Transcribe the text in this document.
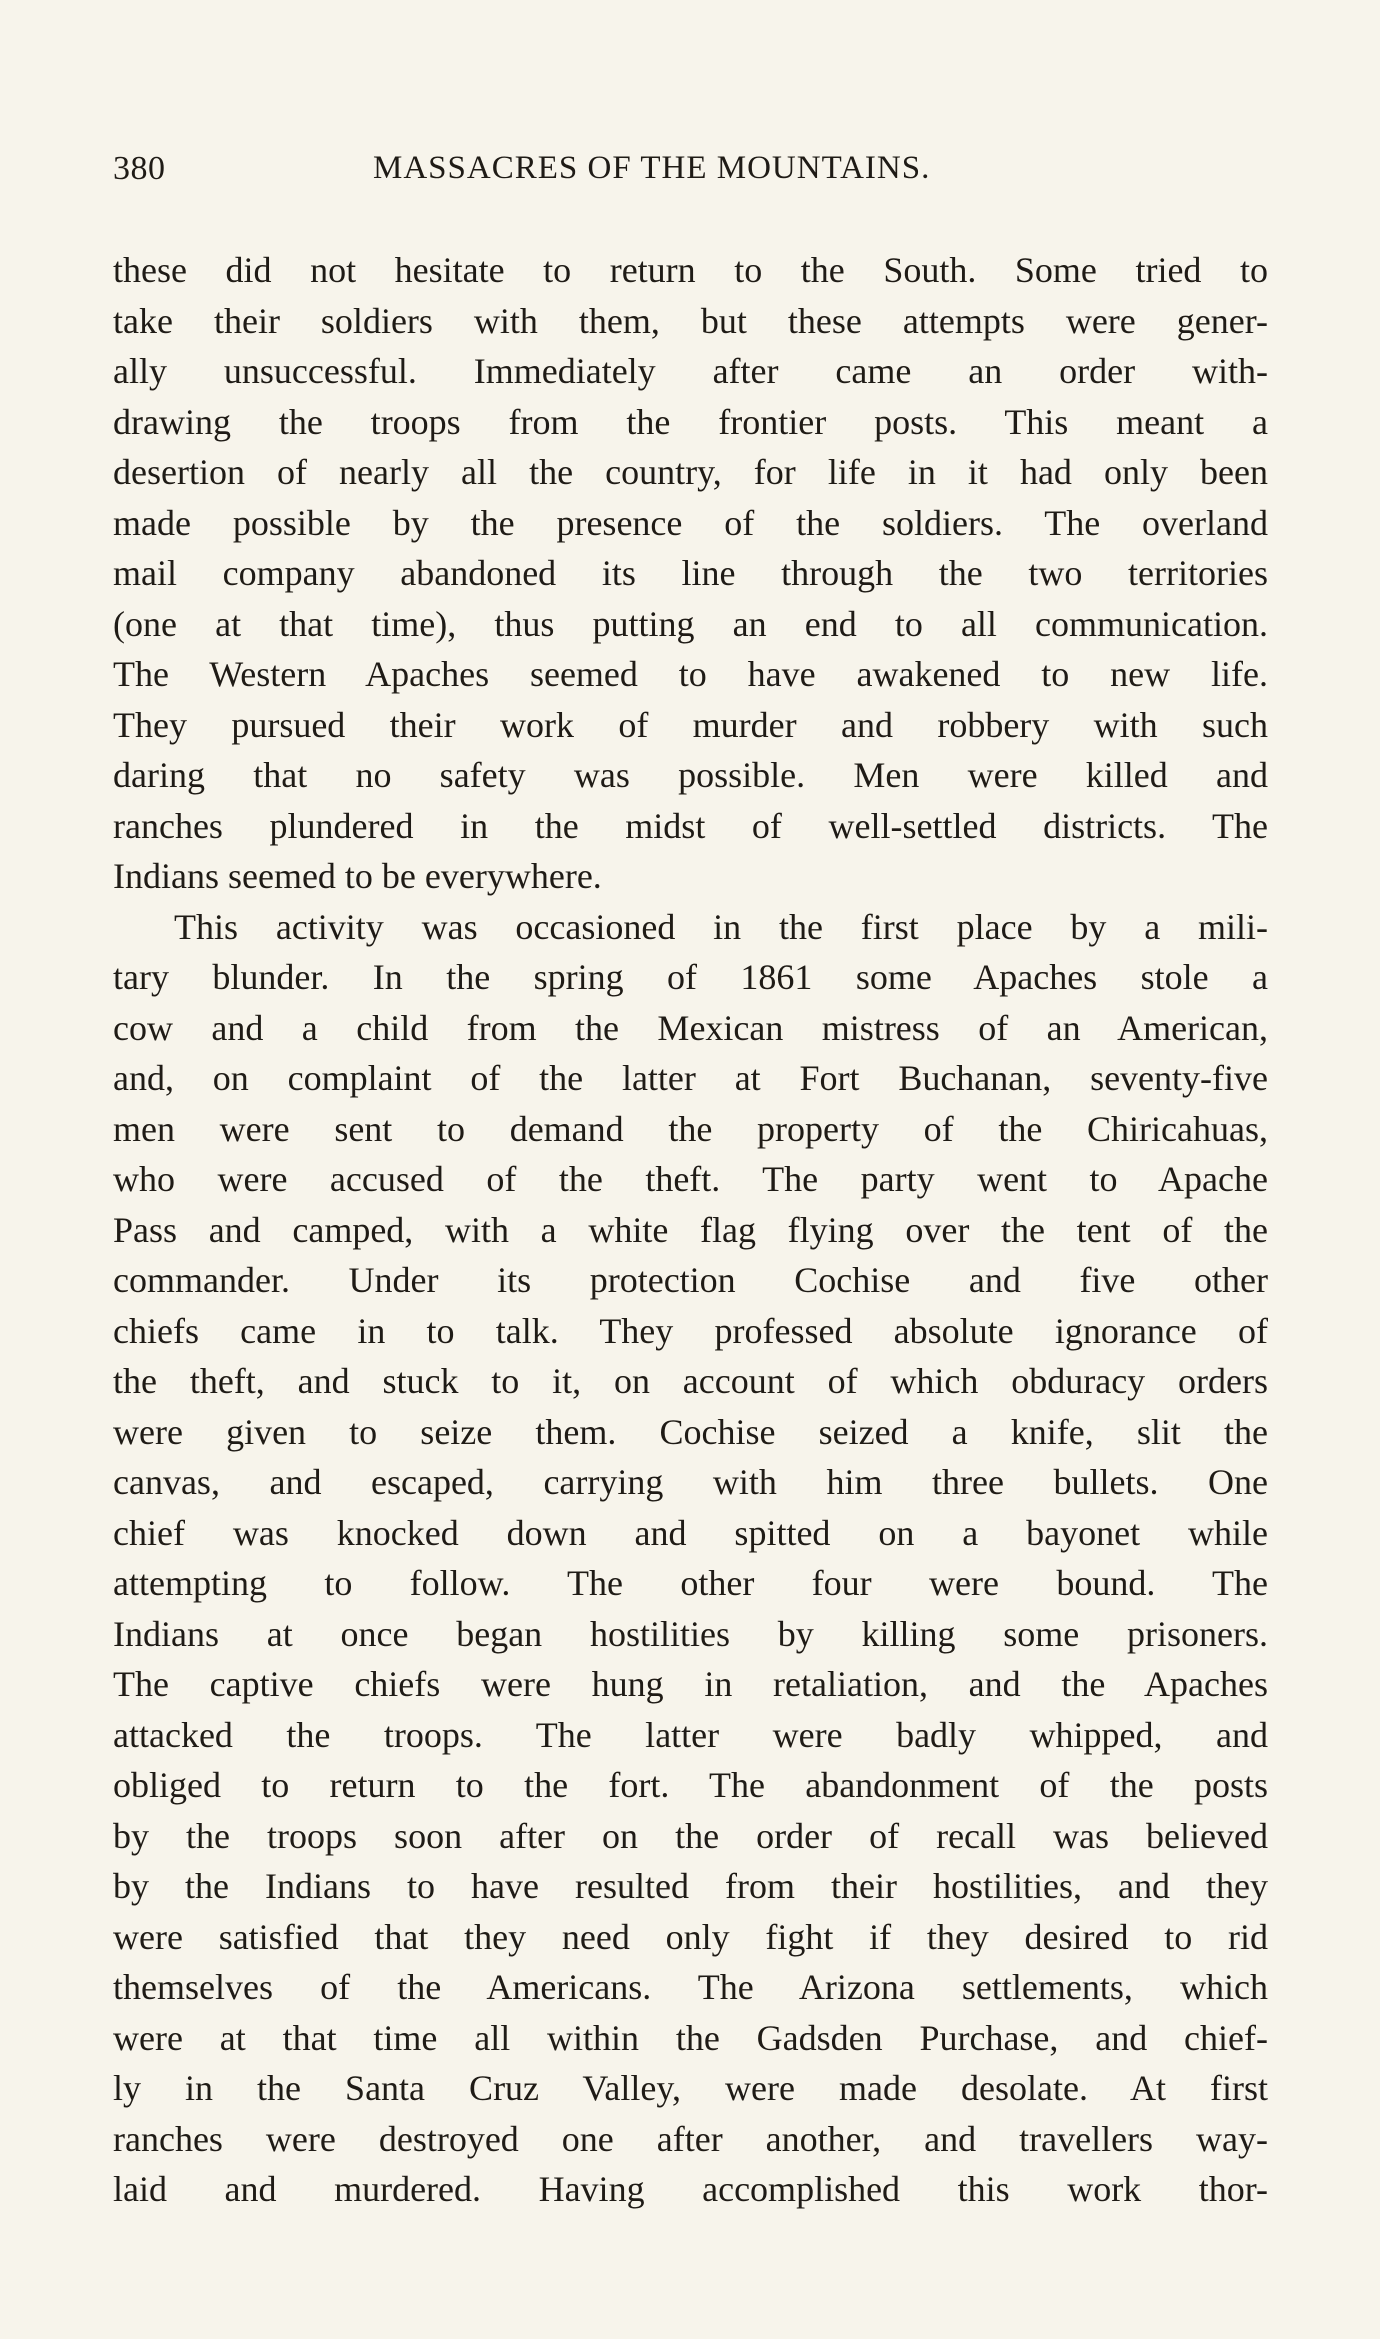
380	MASSACRES OF THE MOUNTAINS.
these did not hesitate to return to the South. Some tried to
take their soldiers with them, but these attempts were gener-
ally unsuccessful. Immediately after came an order with-
drawing the troops from the frontier posts. This meant a
desertion of nearly all the country, for life in it had only been
made possible by the presence of the soldiers. The overland
mail company abandoned its line through the two territories
(one at that time), thus putting an end to all communication.
The Western Apaches seemed to have awakened to new life.
They pursued their work of murder and robbery with such
daring that no safety was possible. Men were killed and
ranches plundered in the midst of well-settled districts. The
Indians seemed to be everywhere.
This activity was occasioned in the first place by a mili-
tary blunder. In the spring of 1861 some Apaches stole a
cow and a child from the Mexican mistress of an American,
and, on complaint of the latter at Fort Buchanan, seventy-five
men were sent to demand the property of the Chiricahuas,
who were accused of the theft. The party went to Apache
Pass and camped, with a white flag flying over the tent of the
commander. Under its protection Cochise and five other
chiefs came in to talk. They professed absolute ignorance of
the theft, and stuck to it, on account of which obduracy orders
were given to seize them. Cochise seized a knife, slit the
canvas, and escaped, carrying with him three bullets. One
chief was knocked down and spitted on a bayonet while
attempting to follow. The other four were bound. The
Indians at once began hostilities by killing some prisoners.
The captive chiefs were hung in retaliation, and the Apaches
attacked the troops. The latter were badly whipped, and
obliged to return to the fort. The abandonment of the posts
by the troops soon after on the order of recall was believed
by the Indians to have resulted from their hostilities, and they
were satisfied that they need only fight if they desired to rid
themselves of the Americans. The Arizona settlements, which
were at that time all within the Gadsden Purchase, and chief-
ly in the Santa Cruz Valley, were made desolate. At first
ranches were destroyed one after another, and travellers way-
laid and murdered. Having accomplished this work thor-
